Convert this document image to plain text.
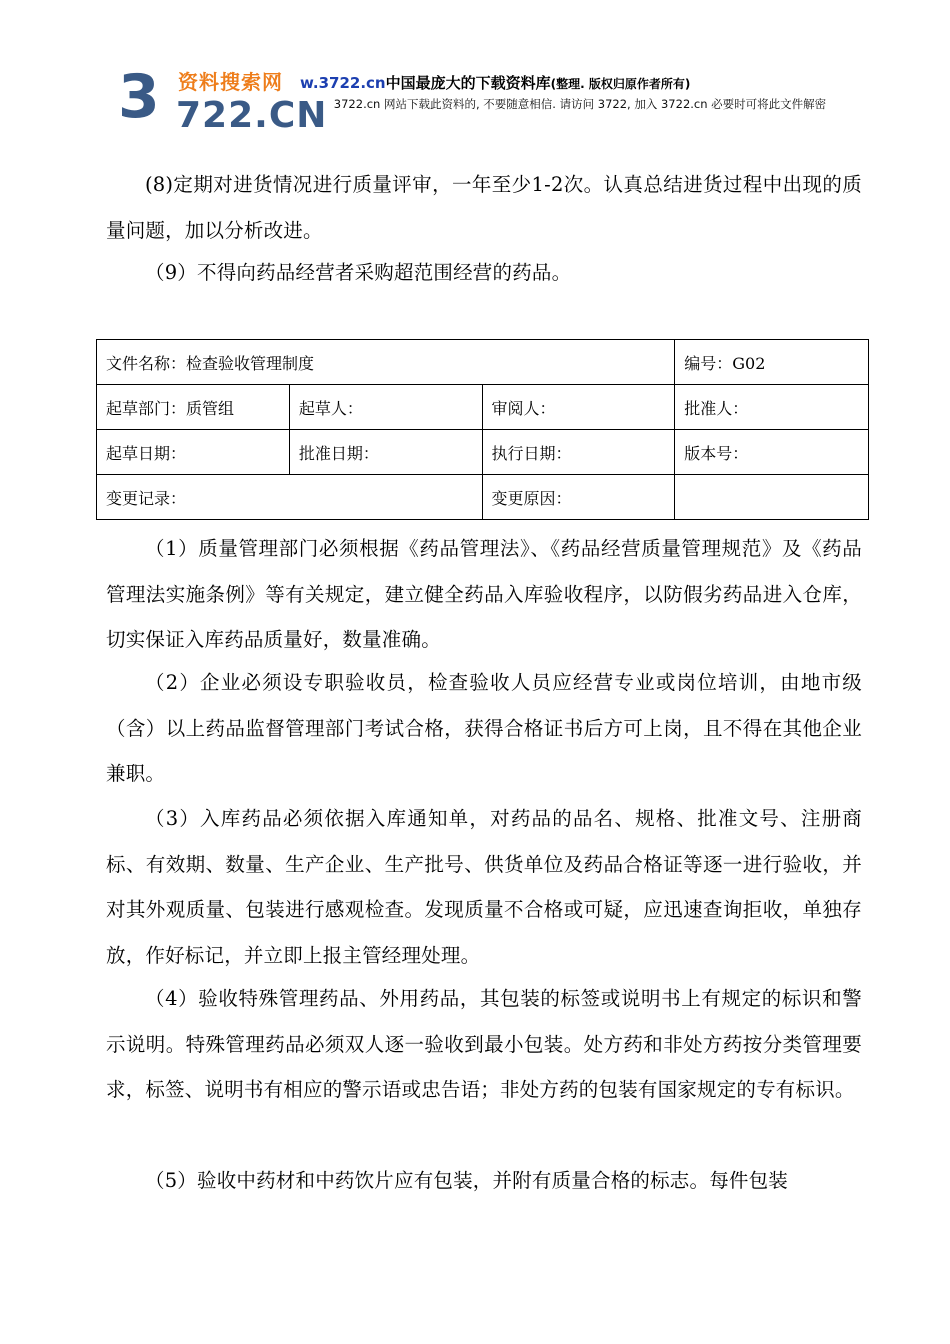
3 资料搜索网
722.CN
w.3722.cn中国最庞大的下载资料库(整理. 版权归原作者所有)
3722.cn 网站下载此资料的, 不要随意相信. 请访问 3722, 加入 3722.cn 必要时可将此文件解密
(8)定期对进货情况进行质量评审，一年至少1-2次。认真总结进货过程中出现的质量问题，加以分析改进。
（9）不得向药品经营者采购超范围经营的药品。
文件名称：检查验收管理制度			编号：G02
起草部门：质管组	起草人：	审阅人：	批准人：
起草日期：	批准日期：	执行日期：	版本号：
变更记录：		变更原因：	
（1）质量管理部门必须根据《药品管理法》、《药品经营质量管理规范》及《药品管理法实施条例》等有关规定，建立健全药品入库验收程序，以防假劣药品进入仓库，切实保证入库药品质量好，数量准确。
（2）企业必须设专职验收员，检查验收人员应经营专业或岗位培训，由地市级（含）以上药品监督管理部门考试合格，获得合格证书后方可上岗，且不得在其他企业兼职。
（3）入库药品必须依据入库通知单，对药品的品名、规格、批准文号、注册商标、有效期、数量、生产企业、生产批号、供货单位及药品合格证等逐一进行验收，并对其外观质量、包装进行感观检查。发现质量不合格或可疑，应迅速查询拒收，单独存放，作好标记，并立即上报主管经理处理。
（4）验收特殊管理药品、外用药品，其包装的标签或说明书上有规定的标识和警示说明。特殊管理药品必须双人逐一验收到最小包装。处方药和非处方药按分类管理要求，标签、说明书有相应的警示语或忠告语；非处方药的包装有国家规定的专有标识。
（5）验收中药材和中药饮片应有包装，并附有质量合格的标志。每件包装
